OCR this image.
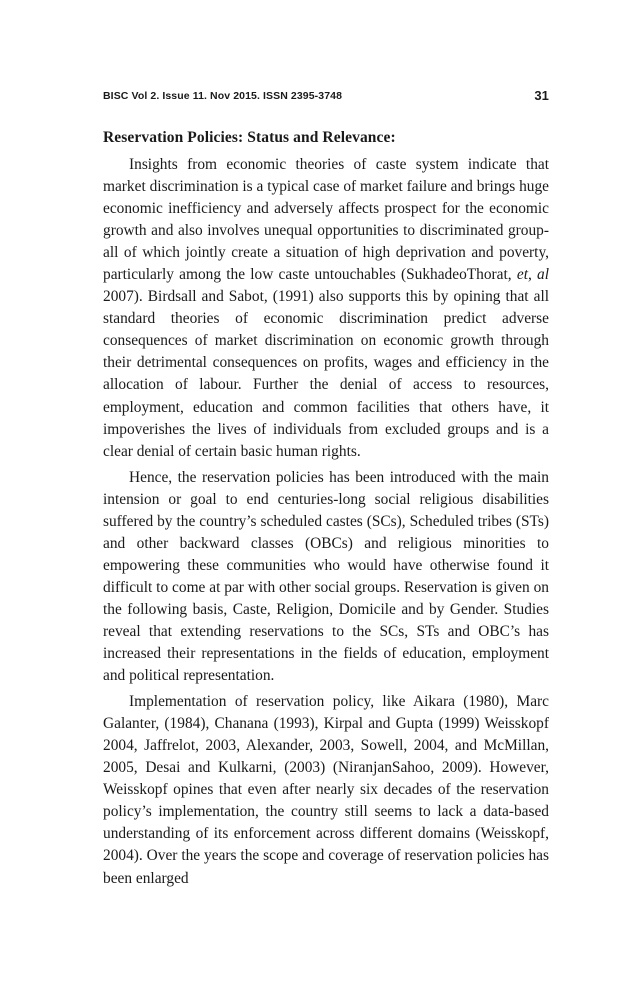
BISC Vol 2. Issue 11. Nov 2015. ISSN 2395-3748	31
Reservation Policies: Status and Relevance:

Insights from economic theories of caste system indicate that market discrimination is a typical case of market failure and brings huge economic inefficiency and adversely affects prospect for the economic growth and also involves unequal opportunities to discriminated group-all of which jointly create a situation of high deprivation and poverty, particularly among the low caste untouchables (SukhadeoThorat, et, al 2007). Birdsall and Sabot, (1991) also supports this by opining that all standard theories of economic discrimination predict adverse consequences of market discrimination on economic growth through their detrimental consequences on profits, wages and efficiency in the allocation of labour. Further the denial of access to resources, employment, education and common facilities that others have, it impoverishes the lives of individuals from excluded groups and is a clear denial of certain basic human rights.

Hence, the reservation policies has been introduced with the main intension or goal to end centuries-long social religious disabilities suffered by the country’s scheduled castes (SCs), Scheduled tribes (STs) and other backward classes (OBCs) and religious minorities to empowering these communities who would have otherwise found it difficult to come at par with other social groups. Reservation is given on the following basis, Caste, Religion, Domicile and by Gender. Studies reveal that extending reservations to the SCs, STs and OBC’s has increased their representations in the fields of education, employment and political representation.

Implementation of reservation policy, like Aikara (1980), Marc Galanter, (1984), Chanana (1993), Kirpal and Gupta (1999) Weisskopf 2004, Jaffrelot, 2003, Alexander, 2003, Sowell, 2004, and McMillan, 2005, Desai and Kulkarni, (2003) (NiranjanSahoo, 2009). However, Weisskopf opines that even after nearly six decades of the reservation policy’s implementation, the country still seems to lack a data-based understanding of its enforcement across different domains (Weisskopf, 2004). Over the years the scope and coverage of reservation policies has been enlarged
